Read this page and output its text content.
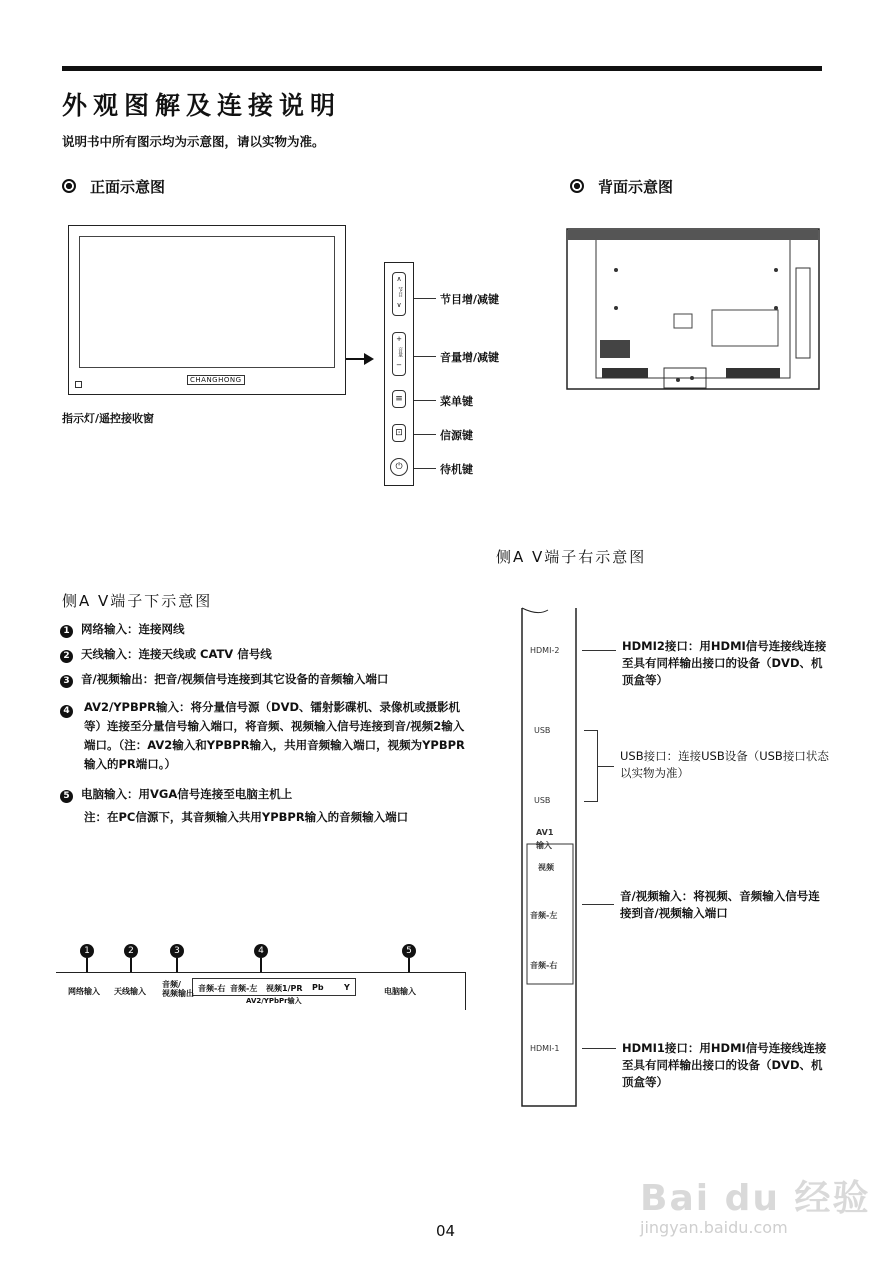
外观图解及连接说明
说明书中所有图示均为示意图，请以实物为准。
正面示意图
CHANGHONG
指示灯/遥控接收窗
∧
节目
∨
+
音量
−
≡
⊡
⏻
节目增/减键
音量增/减键
菜单键
信源键
待机键
背面示意图
侧A V端子下示意图
1 网络输入：连接网线
2 天线输入：连接天线或 CATV 信号线
3 音/视频输出：把音/视频信号连接到其它设备的音频输入端口
4	AV2/YPBPR输入：将分量信号源（DVD、镭射影碟机、录像机或摄影机等）连接至分量信号输入端口，将音频、视频输入信号连接到音/视频2输入端口。（注：AV2输入和YPBPR输入，共用音频输入端口，视频为YPBPR输入的PR端口。）
5 电脑输入：用VGA信号连接至电脑主机上
注：在PC信源下，其音频输入共用YPBPR输入的音频输入端口
1	2	3	4	5
网络输入 天线输入
音频/
视频输出
音频-右 音频-左 视频1/PR Pb	Y	电脑输入
AV2/YPbPr输入
侧A V端子右示意图
HDMI-2
USB
USB
AV1
输入
视频
音频-左
音频-右
HDMI-1
HDMI2接口：用HDMI信号连接线连接至具有同样输出接口的设备（DVD、机顶盒等）
USB接口：连接USB设备（USB接口状态以实物为准）
音/视频输入：将视频、音频输入信号连接到音/视频输入端口
HDMI1接口：用HDMI信号连接线连接至具有同样输出接口的设备（DVD、机顶盒等）
04
Bai du 经验
jingyan.baidu.com
